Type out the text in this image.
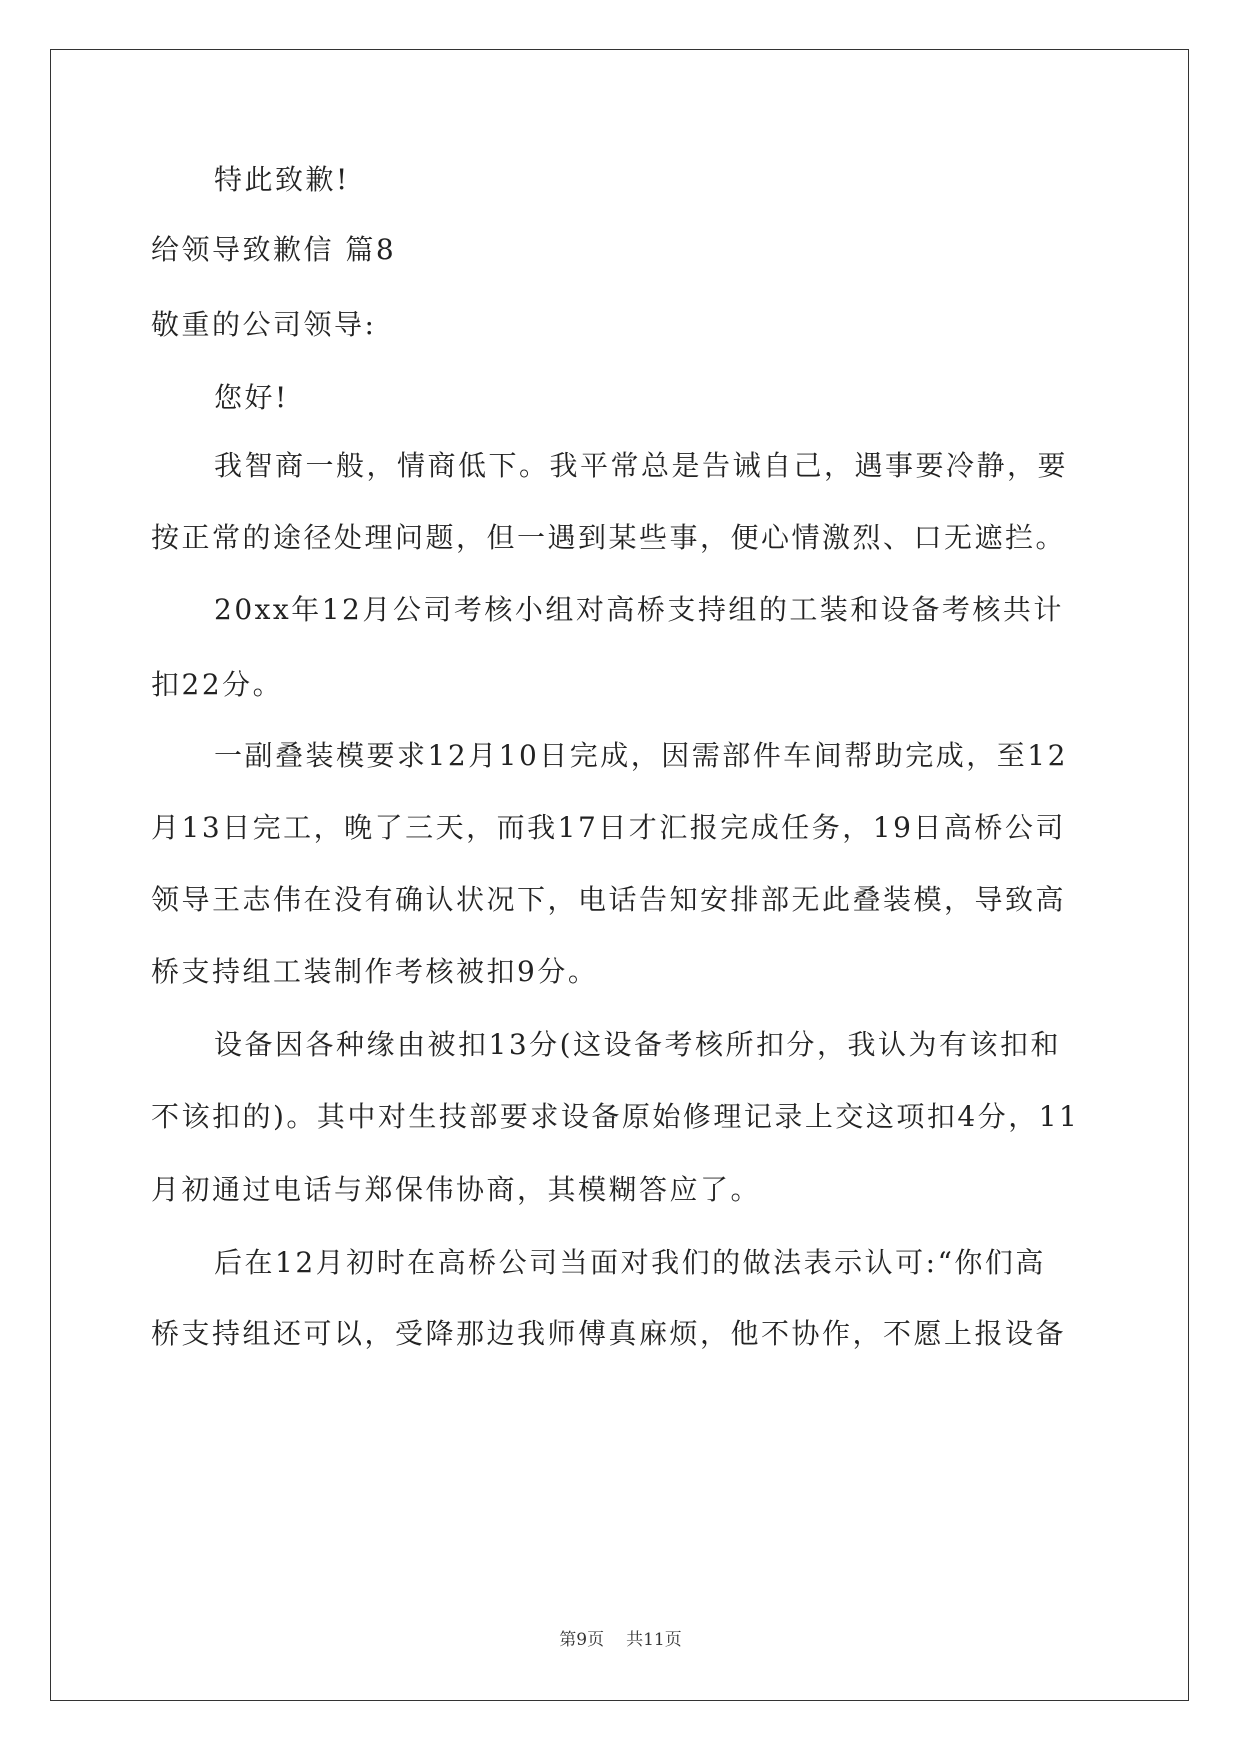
特此致歉!
给领导致歉信 篇8
敬重的公司领导:
您好!
我智商一般，情商低下。我平常总是告诫自己，遇事要冷静，要
按正常的途径处理问题，但一遇到某些事，便心情激烈、口无遮拦。
20xx年12月公司考核小组对高桥支持组的工装和设备考核共计
扣22分。
一副叠装模要求12月10日完成，因需部件车间帮助完成，至12
月13日完工，晚了三天，而我17日才汇报完成任务，19日高桥公司
领导王志伟在没有确认状况下，电话告知安排部无此叠装模，导致高
桥支持组工装制作考核被扣9分。
设备因各种缘由被扣13分(这设备考核所扣分，我认为有该扣和
不该扣的)。其中对生技部要求设备原始修理记录上交这项扣4分，11
月初通过电话与郑保伟协商，其模糊答应了。
后在12月初时在高桥公司当面对我们的做法表示认可:“你们高
桥支持组还可以，受降那边我师傅真麻烦，他不协作，不愿上报设备
第9页 共11页
